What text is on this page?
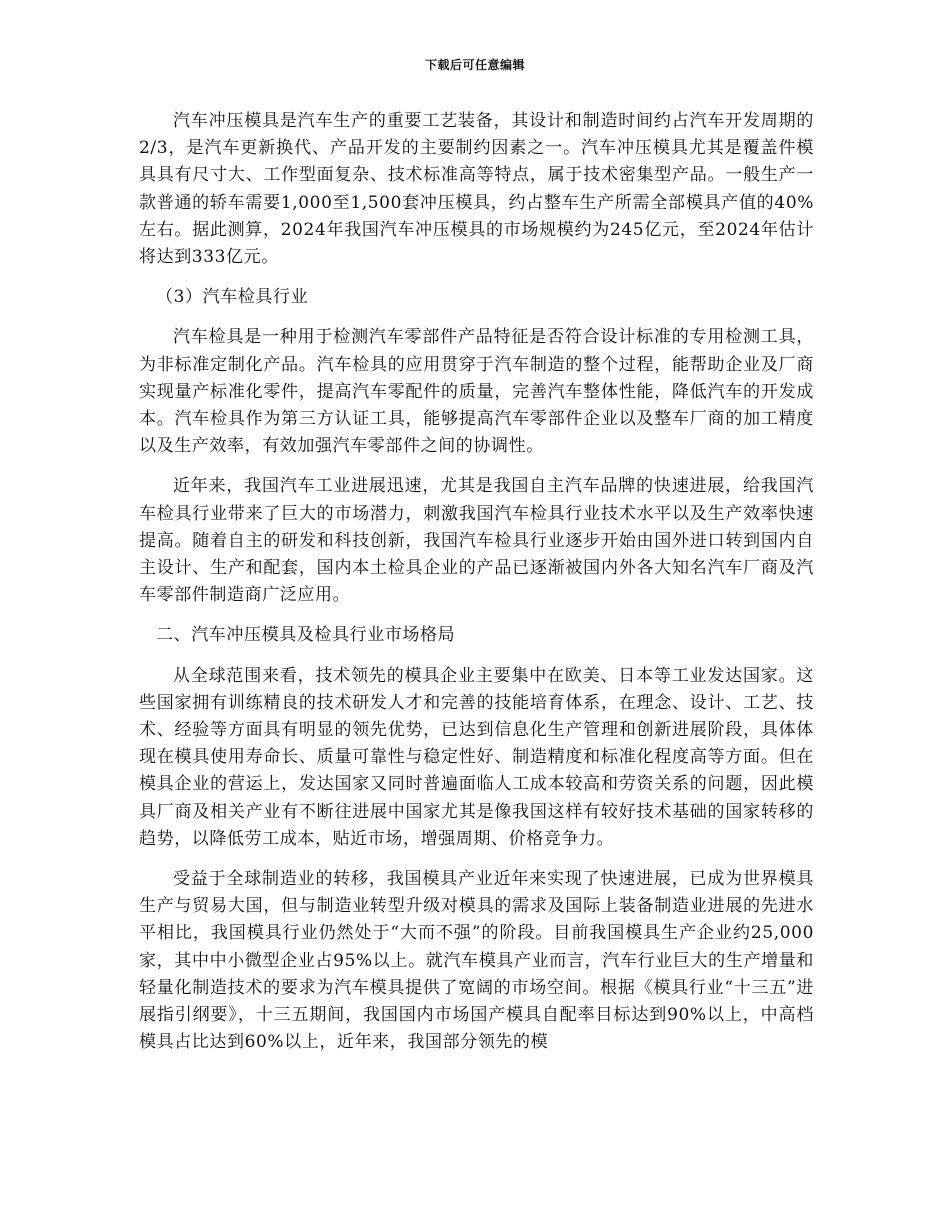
下载后可任意编辑

汽车冲压模具是汽车生产的重要工艺装备，其设计和制造时间约占汽车开发周期的2/3，是汽车更新换代、产品开发的主要制约因素之一。汽车冲压模具尤其是覆盖件模具具有尺寸大、工作型面复杂、技术标准高等特点，属于技术密集型产品。一般生产一款普通的轿车需要1,000至1,500套冲压模具，约占整车生产所需全部模具产值的40%左右。据此测算，2024年我国汽车冲压模具的市场规模约为245亿元，至2024年估计将达到333亿元。

（3）汽车检具行业

汽车检具是一种用于检测汽车零部件产品特征是否符合设计标准的专用检测工具，为非标准定制化产品。汽车检具的应用贯穿于汽车制造的整个过程，能帮助企业及厂商实现量产标准化零件，提高汽车零配件的质量，完善汽车整体性能，降低汽车的开发成本。汽车检具作为第三方认证工具，能够提高汽车零部件企业以及整车厂商的加工精度以及生产效率，有效加强汽车零部件之间的协调性。

近年来，我国汽车工业进展迅速，尤其是我国自主汽车品牌的快速进展，给我国汽车检具行业带来了巨大的市场潜力，刺激我国汽车检具行业技术水平以及生产效率快速提高。随着自主的研发和科技创新，我国汽车检具行业逐步开始由国外进口转到国内自主设计、生产和配套，国内本土检具企业的产品已逐渐被国内外各大知名汽车厂商及汽车零部件制造商广泛应用。

二、汽车冲压模具及检具行业市场格局

从全球范围来看，技术领先的模具企业主要集中在欧美、日本等工业发达国家。这些国家拥有训练精良的技术研发人才和完善的技能培育体系，在理念、设计、工艺、技术、经验等方面具有明显的领先优势，已达到信息化生产管理和创新进展阶段，具体体现在模具使用寿命长、质量可靠性与稳定性好、制造精度和标准化程度高等方面。但在模具企业的营运上，发达国家又同时普遍面临人工成本较高和劳资关系的问题，因此模具厂商及相关产业有不断往进展中国家尤其是像我国这样有较好技术基础的国家转移的趋势，以降低劳工成本，贴近市场，增强周期、价格竞争力。

受益于全球制造业的转移，我国模具产业近年来实现了快速进展，已成为世界模具生产与贸易大国，但与制造业转型升级对模具的需求及国际上装备制造业进展的先进水平相比，我国模具行业仍然处于“大而不强”的阶段。目前我国模具生产企业约25,000家，其中中小微型企业占95%以上。就汽车模具产业而言，汽车行业巨大的生产增量和轻量化制造技术的要求为汽车模具提供了宽阔的市场空间。根据《模具行业“十三五”进展指引纲要》，十三五期间，我国国内市场国产模具自配率目标达到90%以上，中高档模具占比达到60%以上，近年来，我国部分领先的模
